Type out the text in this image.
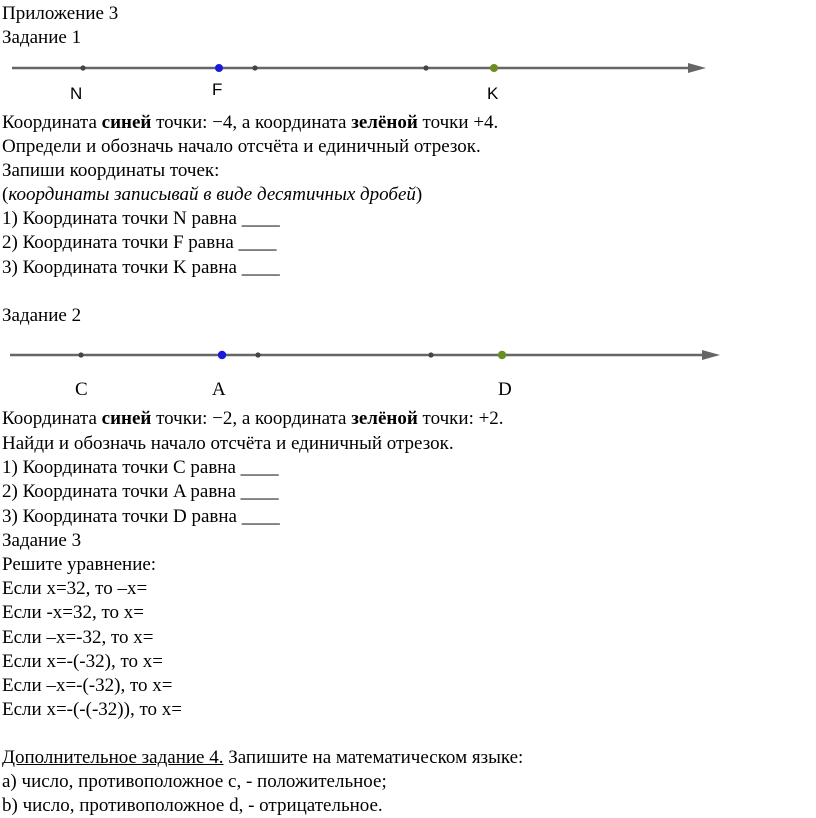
Приложение 3
Задание 1
N	F	K
Координата синей точки: −4, а координата зелёной точки +4.
Определи и обозначь начало отсчёта и единичный отрезок.
Запиши координаты точек:
(координаты записывай в виде десятичных дробей)
1) Координата точки N равна ____
2) Координата точки F равна ____
3) Координата точки K равна ____
Задание 2
C	A	D
Координата синей точки: −2, а координата зелёной точки: +2.
Найди и обозначь начало отсчёта и единичный отрезок.
1) Координата точки C равна ____
2) Координата точки A равна ____
3) Координата точки D равна ____
Задание 3
Решите уравнение:
Если x=32, то –x=
Если -x=32, то x=
Если –x=-32, то x=
Если x=-(-32), то x=
Если –x=-(-32), то x=
Если x=-(-(-32)), то x=
Дополнительное задание 4. Запишите на математическом языке:
a) число, противоположное c, - положительное;
b) число, противоположное d, - отрицательное.
